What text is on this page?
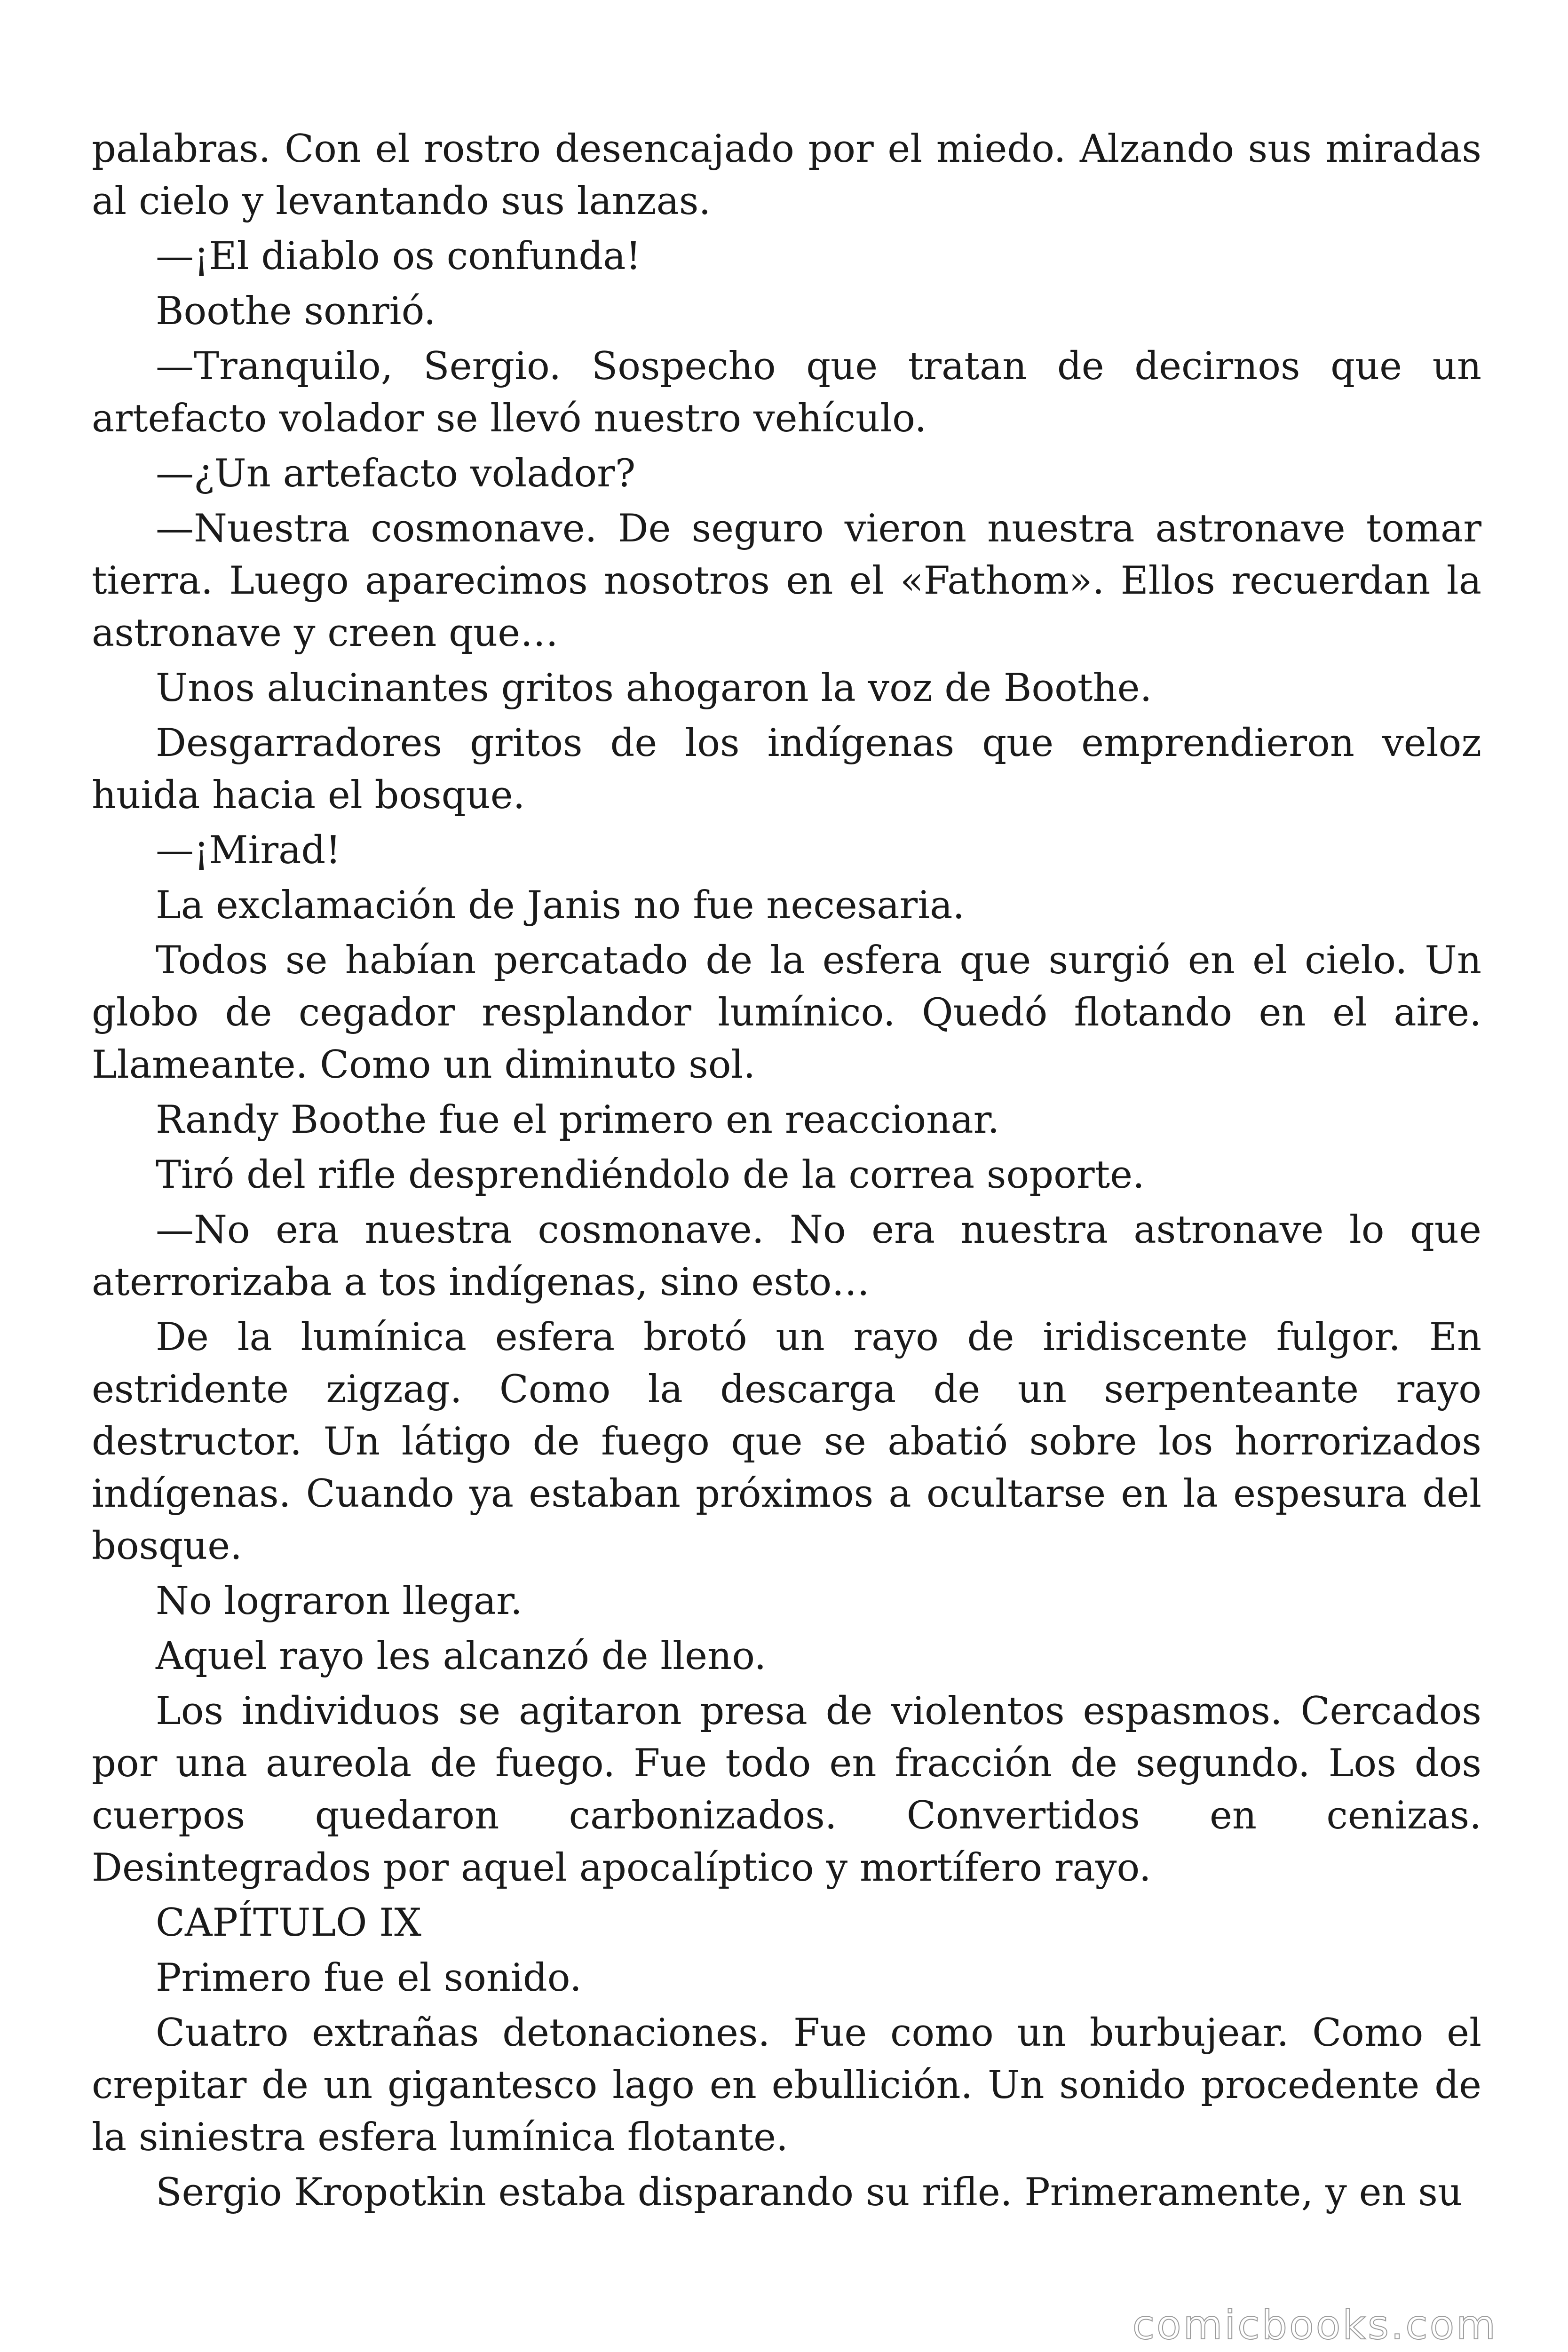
palabras. Con el rostro desencajado por el miedo. Alzando sus miradas al cielo y levantando sus lanzas.

—¡El diablo os confunda!

Boothe sonrió.

—Tranquilo, Sergio. Sospecho que tratan de decirnos que un artefacto volador se llevó nuestro vehículo.

—¿Un artefacto volador?

—Nuestra cosmonave. De seguro vieron nuestra astronave tomar tierra. Luego aparecimos nosotros en el «Fathom». Ellos recuerdan la astronave y creen que…

Unos alucinantes gritos ahogaron la voz de Boothe.

Desgarradores gritos de los indígenas que emprendieron veloz huida hacia el bosque.

—¡Mirad!

La exclamación de Janis no fue necesaria.

Todos se habían percatado de la esfera que surgió en el cielo. Un globo de cegador resplandor lumínico. Quedó flotando en el aire. Llameante. Como un diminuto sol.

Randy Boothe fue el primero en reaccionar.

Tiró del rifle desprendiéndolo de la correa soporte.

—No era nuestra cosmonave. No era nuestra astronave lo que aterrorizaba a tos indígenas, sino esto…

De la lumínica esfera brotó un rayo de iridiscente fulgor. En estridente zigzag. Como la descarga de un serpenteante rayo destructor. Un látigo de fuego que se abatió sobre los horrorizados indígenas. Cuando ya estaban próximos a ocultarse en la espesura del bosque.

No lograron llegar.

Aquel rayo les alcanzó de lleno.

Los individuos se agitaron presa de violentos espasmos. Cercados por una aureola de fuego. Fue todo en fracción de segundo. Los dos cuerpos quedaron carbonizados. Convertidos en cenizas. Desintegrados por aquel apocalíptico y mortífero rayo.

CAPÍTULO IX

Primero fue el sonido.

Cuatro extrañas detonaciones. Fue como un burbujear. Como el crepitar de un gigantesco lago en ebullición. Un sonido procedente de la siniestra esfera lumínica flotante.

Sergio Kropotkin estaba disparando su rifle. Primeramente, y en su

comicbooks.com
